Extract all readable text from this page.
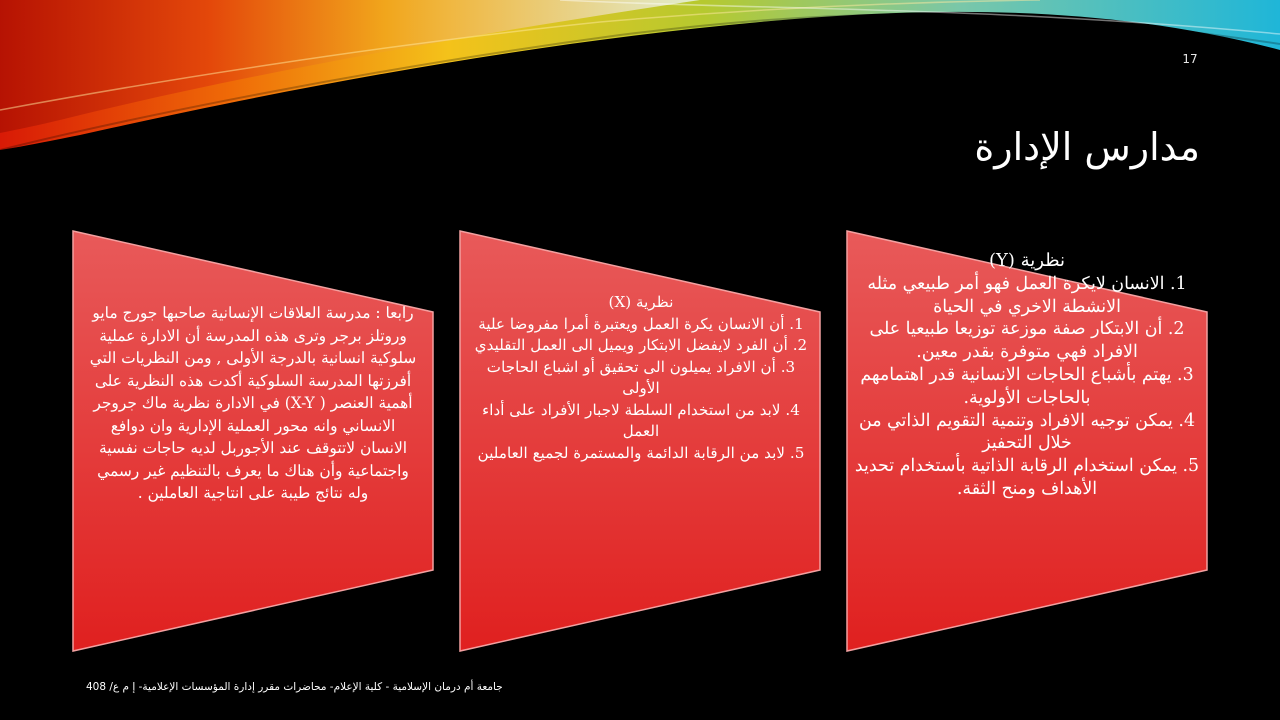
17
مدارس الإدارة

رابعا : مدرسة العلاقات الإنسانية صاحبها جورج مايو وروتلز برجر وترى هذه المدرسة أن الادارة عملية سلوكية انسانية بالدرجة الأولى , ومن النظريات التي أفرزتها المدرسة السلوكية أكدت هذه النظرية على أهمية العنصر ( X-Y) في الادارة نظرية ماك جروجر الانساني وانه محور العملية الإدارية وان دوافع الانسان لاتتوقف عند الأجوربل لديه حاجات نفسية واجتماعية وأن هناك ما يعرف بالتنظيم غير رسمي وله نتائج طيبة على انتاجية العاملين .

نظرية (X)

1. أن الانسان يكرة العمل ويعتبرة أمرا مفروضا علية

2. أن الفرد لايفضل الابتكار ويميل الى العمل التقليدي

3. أن الافراد يميلون الى تحقيق أو اشباع الحاجات الأولى

4. لابد من استخدام السلطة لاجبار الأفراد على أداء العمل

5. لابد من الرقابة الدائمة والمستمرة لجميع العاملين

نظرية (Y)

1. الانسان لايكرة العمل فهو أمر طبيعي مثله الانشطة الاخري في الحياة

2. أن الابتكار صفة موزعة توزيعا طبيعيا على الافراد فهي متوفرة بقدر معين.

3. يهتم بأشباع الحاجات الانسانية قدر اهتمامهم بالحاجات الأولوية.

4. يمكن توجيه الافراد وتنمية التقويم الذاتي من خلال التحفيز

5. يمكن استخدام الرقابة الذاتية بأستخدام تحديد الأهداف ومنح الثقة.

جامعة أم درمان الإسلامية - كلية الإعلام- محاضرات مقرر إدارة المؤسسات الإعلامية- إ م ع/ 408
